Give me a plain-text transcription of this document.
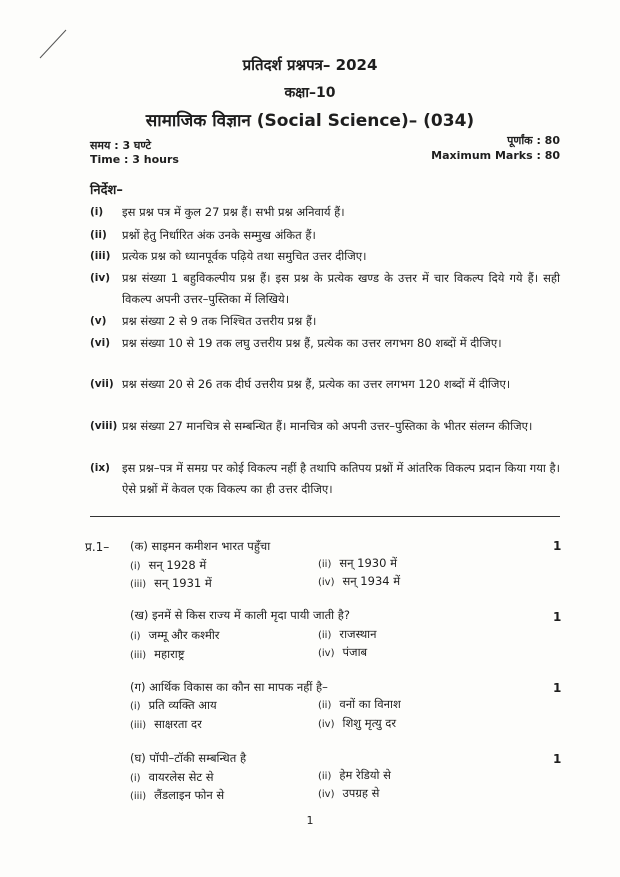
प्रतिदर्श प्रश्नपत्र– 2024
कक्षा–10
सामाजिक विज्ञान (Social Science)– (034)
समय : 3 घण्टे
Time : 3 hours
पूर्णांक : 80
Maximum Marks : 80
निर्देश–
(i) इस प्रश्न पत्र में कुल 27 प्रश्न हैं। सभी प्रश्न अनिवार्य हैं।
(ii) प्रश्नों हेतु निर्धारित अंक उनके सम्मुख अंकित हैं।
(iii) प्रत्येक प्रश्न को ध्यानपूर्वक पढ़िये तथा समुचित उत्तर दीजिए।
(iv) प्रश्न संख्या 1 बहुविकल्पीय प्रश्न हैं। इस प्रश्न के प्रत्येक खण्ड के उत्तर में चार विकल्प दिये गये हैं। सही विकल्प अपनी उत्तर–पुस्तिका में लिखिये।
(v) प्रश्न संख्या 2 से 9 तक निश्चित उत्तरीय प्रश्न हैं।
(vi) प्रश्न संख्या 10 से 19 तक लघु उत्तरीय प्रश्न हैं, प्रत्येक का उत्तर लगभग 80 शब्दों में दीजिए।
(vii) प्रश्न संख्या 20 से 26 तक दीर्घ उत्तरीय प्रश्न हैं, प्रत्येक का उत्तर लगभग 120 शब्दों में दीजिए।
(viii) प्रश्न संख्या 27 मानचित्र से सम्बन्धित हैं। मानचित्र को अपनी उत्तर–पुस्तिका के भीतर संलग्न कीजिए।
(ix) इस प्रश्न–पत्र में समग्र पर कोई विकल्प नहीं है तथापि कतिपय प्रश्नों में आंतरिक विकल्प प्रदान किया गया है। ऐसे प्रश्नों में केवल एक विकल्प का ही उत्तर दीजिए।
प्र.1– (क) साइमन कमीशन भारत पहुँचा	1
(i) सन् 1928 में	(ii) सन् 1930 में
(iii) सन् 1931 में	(iv) सन् 1934 में
(ख) इनमें से किस राज्य में काली मृदा पायी जाती है?	1
(i) जम्मू और कश्मीर	(ii) राजस्थान
(iii) महाराष्ट्र	(iv) पंजाब
(ग) आर्थिक विकास का कौन सा मापक नहीं है–	1
(i) प्रति व्यक्ति आय	(ii) वनों का विनाश
(iii) साक्षरता दर	(iv) शिशु मृत्यु दर
(घ) पॉपी–टॉकी सम्बन्धित है	1
(i) वायरलेस सेट से	(ii) हेम रेडियो से
(iii) लैंडलाइन फोन से	(iv) उपग्रह से
1
